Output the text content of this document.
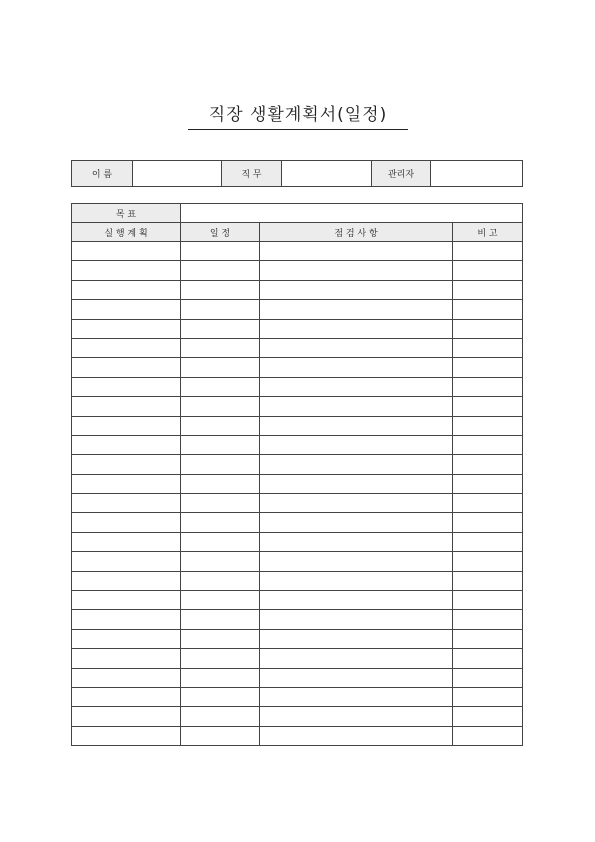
직장 생활계획서(일정)
이 름		직 무		관리자	
목 표			
실 행 계 획	일 정	점 검 사 항	비 고
